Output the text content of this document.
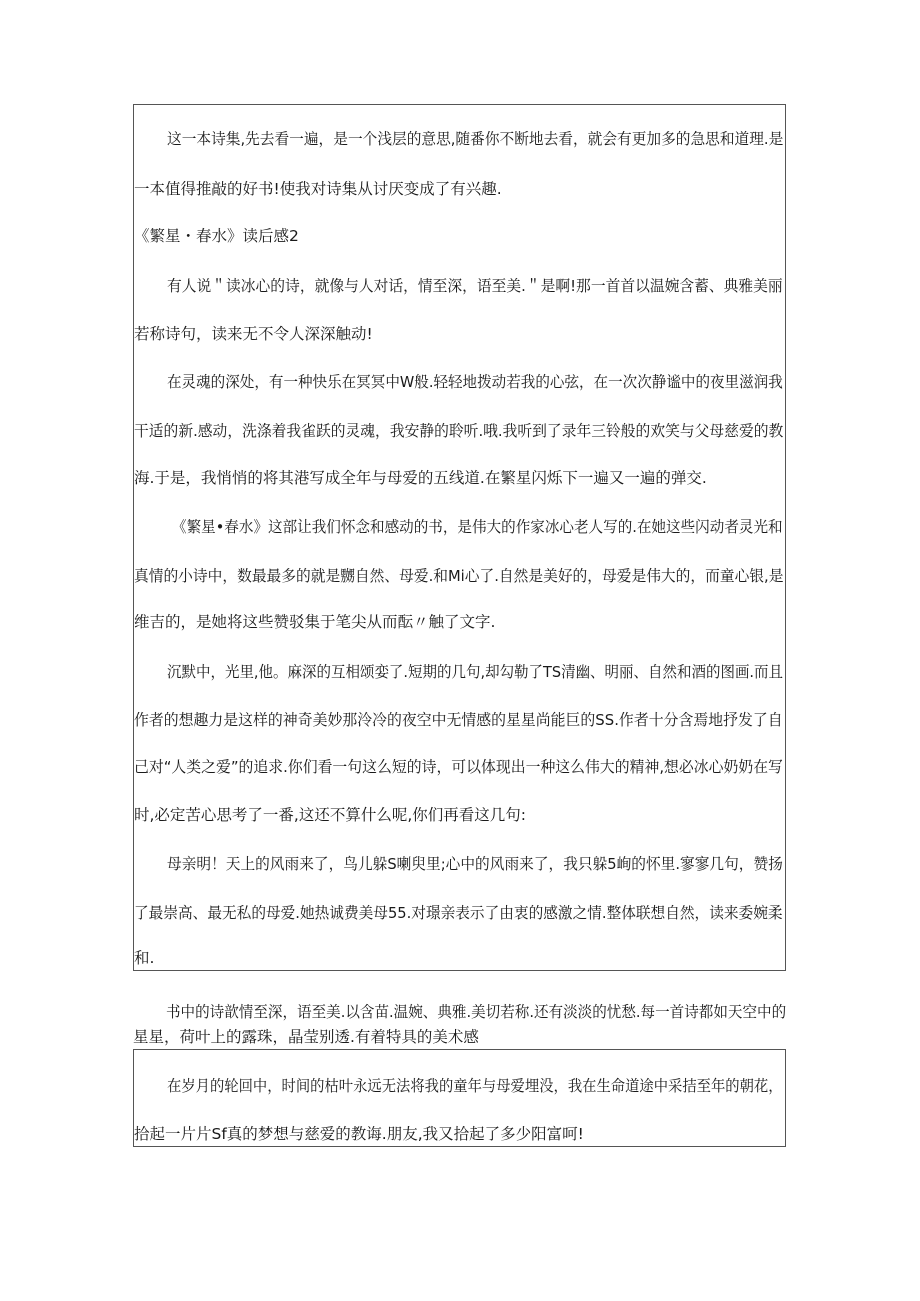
这一本诗集,先去看一遍，是一个浅层的意思,随番你不断地去看，就会有更加多的急思和道理.是
一本值得推敲的好书!使我对诗集从讨厌变成了有兴趣.
《繁星・春水》读后感2
有人说＂读冰心的诗，就像与人对话，情至深，语至美.＂是啊!那一首首以温婉含蓄、典雅美丽
若称诗句，读来无不令人深深触动!
在灵魂的深处，有一种快乐在冥冥中W般.轻轻地拨动若我的心弦，在一次次静谧中的夜里滋润我
干适的新.感动，洗涤着我雀跃的灵魂，我安静的聆听.哦.我听到了录年三铃般的欢笑与父母慈爱的教
海.于是，我悄悄的将其港写成全年与母爱的五线道.在繁星闪烁下一遍又一遍的弹交.
《繁星•春水》这部让我们怀念和感动的书，是伟大的作家冰心老人写的.在她这些闪动者灵光和
真情的小诗中，数最最多的就是嬲自然、母爱.和Mi心了.自然是美好的，母爱是伟大的，而童心银,是
维吉的，是她将这些赞驳集于笔尖从而酝〃触了文字.
沉默中，光里,他。麻深的互相颂娈了.短期的几句,却勾勒了TS清幽、明丽、自然和酒的图画.而且
作者的想趣力是这样的神奇美妙那泠冷的夜空中无情感的星星尚能巨的SS.作者十分含焉地抒发了自
己对“人类之爱”的追求.你们看一句这么短的诗，可以体现出一种这么伟大的精神,想必冰心奶奶在写
时,必定苦心思考了一番,这还不算什么呢,你们再看这几句:
母亲明！天上的风雨来了，鸟儿躲S喇臾里;心中的风雨来了，我只躲5峋的怀里.寥寥几句，赞扬
了最崇高、最无私的母爱.她热诚费美母55.对璟亲表示了由衷的感激之情.整体联想自然，读来委婉柔
和.
书中的诗歆情至深，语至美.以含苗.温婉、典雅.美切若称.还有淡淡的忧愁.每一首诗都如天空中的
星星，荷叶上的露珠，晶莹别透.有着特具的美术感
在岁月的轮回中，时间的枯叶永远无法将我的童年与母爱埋没，我在生命道途中采拮至年的朝花，
拾起一片片Sf真的梦想与慈爱的教诲.朋友,我又拾起了多少阳富呵!
